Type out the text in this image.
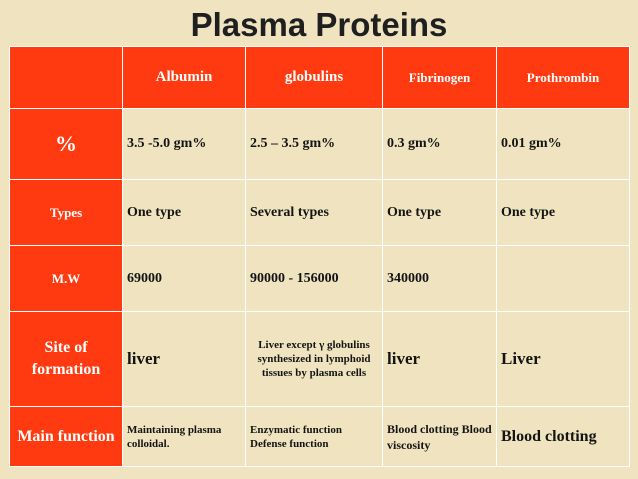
Plasma Proteins
	Albumin	globulins	Fibrinogen	Prothrombin
%	3.5 -5.0 gm%	2.5 – 3.5 gm%	0.3 gm%	0.01 gm%
Types	One type	Several types	One type	One type
M.W	69000	90000 - 156000	340000	
Site of formation	liver	Liver except γ globulins synthesized in lymphoid tissues by plasma cells	liver	Liver
Main function	Maintaining plasma colloidal.	Enzymatic function Defense function	Blood clotting Blood viscosity	Blood clotting
